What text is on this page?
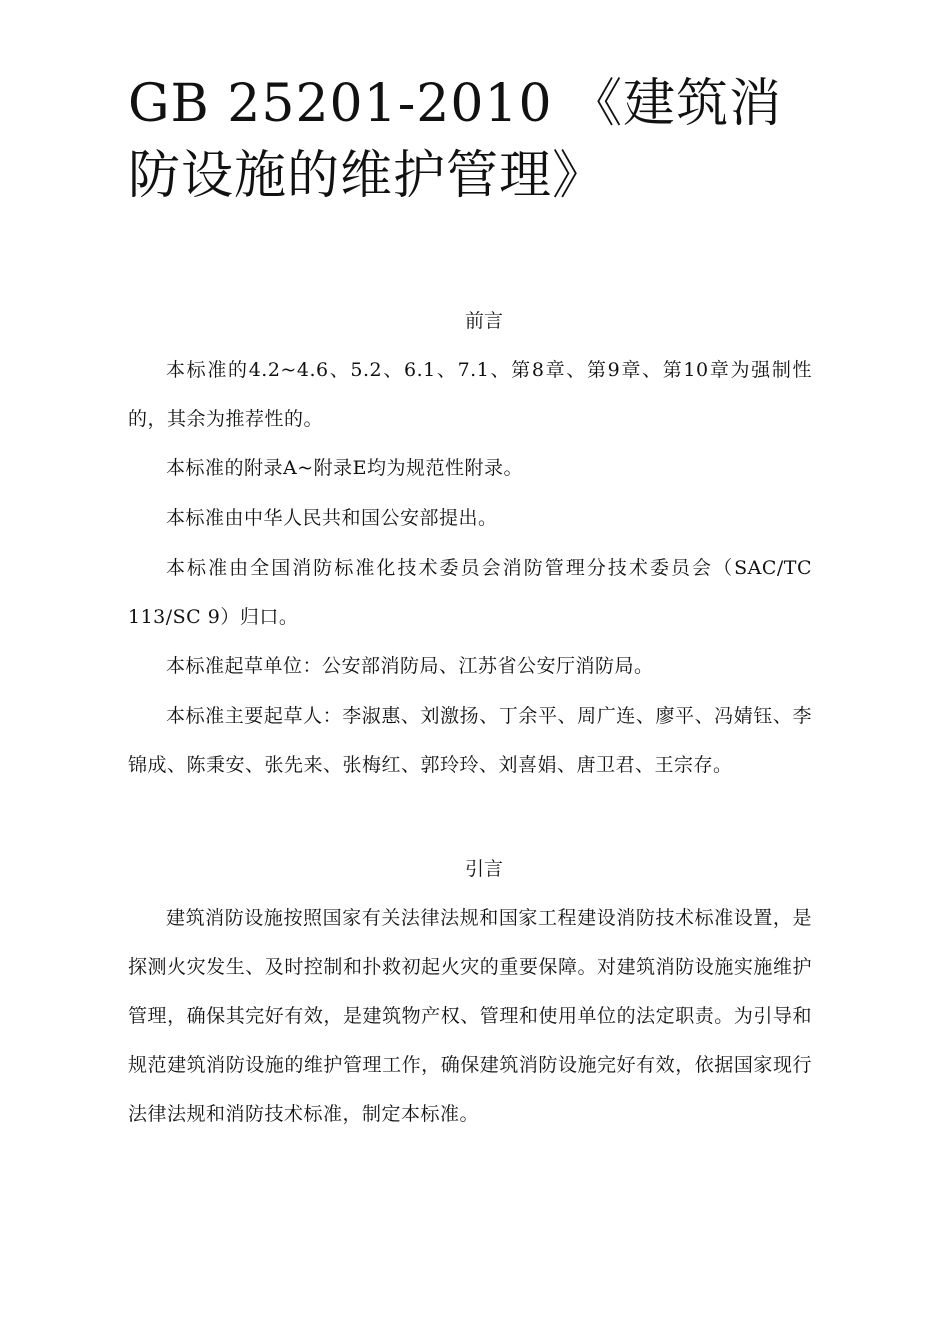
GB 25201-2010 《建筑消防设施的维护管理》
前言

本标准的4.2~4.6、5.2、6.1、7.1、第8章、第9章、第10章为强制性的，其余为推荐性的。

本标准的附录A~附录E均为规范性附录。

本标准由中华人民共和国公安部提出。

本标准由全国消防标准化技术委员会消防管理分技术委员会（SAC/TC 113/SC 9）归口。

本标准起草单位：公安部消防局、江苏省公安厅消防局。

本标准主要起草人：李淑惠、刘激扬、丁余平、周广连、廖平、冯婧钰、李锦成、陈秉安、张先来、张梅红、郭玲玲、刘喜娟、唐卫君、王宗存。

引言

建筑消防设施按照国家有关法律法规和国家工程建设消防技术标准设置，是探测火灾发生、及时控制和扑救初起火灾的重要保障。对建筑消防设施实施维护管理，确保其完好有效，是建筑物产权、管理和使用单位的法定职责。为引导和规范建筑消防设施的维护管理工作，确保建筑消防设施完好有效，依据国家现行法律法规和消防技术标准，制定本标准。
